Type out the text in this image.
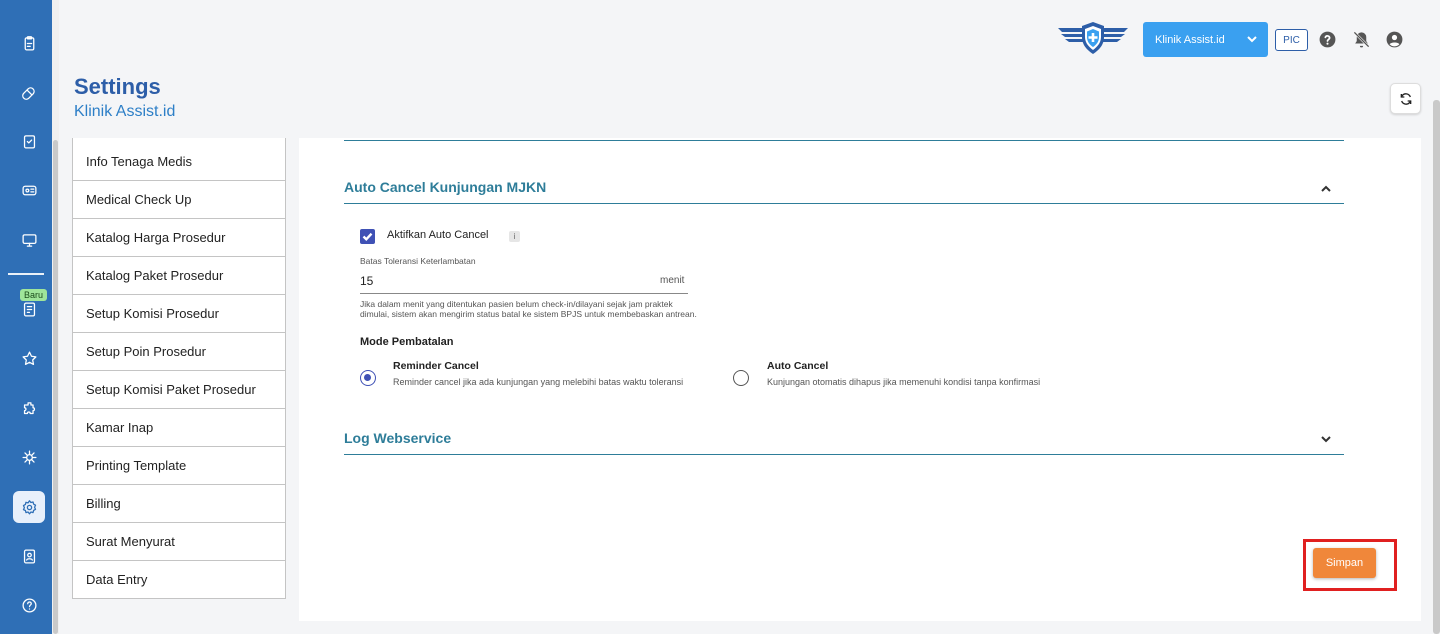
Baru
Klinik Assist.id	PIC
Settings
Klinik Assist.id
Info Tenaga Medis
Medical Check Up
Katalog Harga Prosedur
Katalog Paket Prosedur
Setup Komisi Prosedur
Setup Poin Prosedur
Setup Komisi Paket Prosedur
Kamar Inap
Printing Template
Billing
Surat Menyurat
Data Entry
Auto Cancel Kunjungan MJKN
Aktifkan Auto Cancel	i
Batas Toleransi Keterlambatan
15
menit
Jika dalam menit yang ditentukan pasien belum check-in/dilayani sejak jam praktek dimulai, sistem akan mengirim status batal ke sistem BPJS untuk membebaskan antrean.
Mode Pembatalan
Reminder Cancel
Reminder cancel jika ada kunjungan yang melebihi batas waktu toleransi
Auto Cancel
Kunjungan otomatis dihapus jika memenuhi kondisi tanpa konfirmasi
Log Webservice
Simpan
